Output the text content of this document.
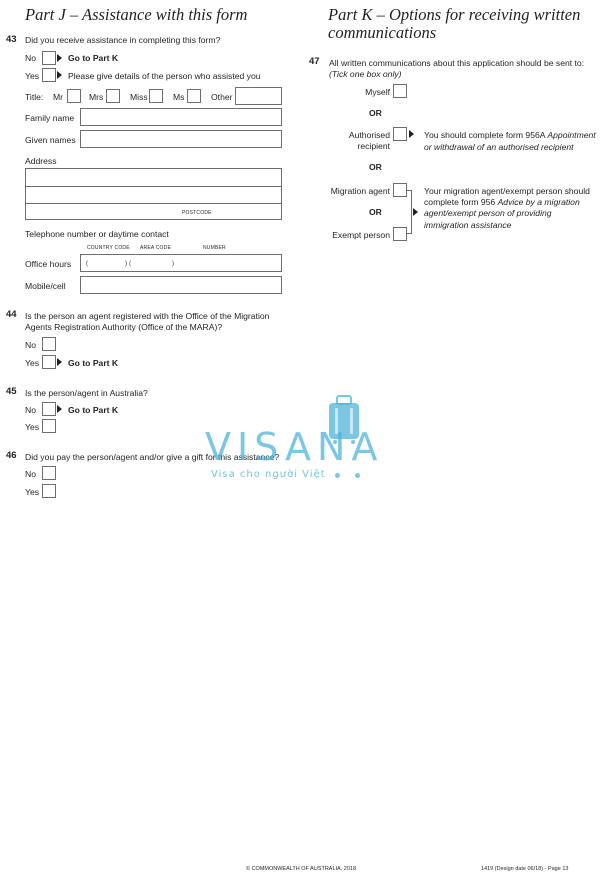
Part J – Assistance with this form
43 Did you receive assistance in completing this form?
No	Go to Part K
Yes	Please give details of the person who assisted you
Title: Mr	Mrs	Miss	Ms	Other
Family name
Given names
Address
POSTCODE
Telephone number or daytime contact
COUNTRY CODE AREA CODE	NUMBER
Office hours (	) (	)
Mobile/cell
44 Is the person an agent registered with the Office of the Migration
Agents Registration Authority (Office of the MARA)?
No
Yes	Go to Part K
45 Is the person/agent in Australia?
No	Go to Part K
Yes
46 Did you pay the person/agent and/or give a gift for this assistance?
No
Yes
Part K – Options for receiving written
communications
47 All written communications about this application should be sent to:
(Tick one box only)
Myself
OR
Authorised
recipient
You should complete form 956A Appointment
or withdrawal of an authorised recipient
OR
Migration agent
OR
Exempt person
Your migration agent/exempt person should
complete form 956 Advice by a migration
agent/exempt person of providing
immigration assistance
VISANA
Visa cho người Việt
© COMMONWEALTH OF AUSTRALIA, 2018	1419 (Design date 06/18) - Page 13
